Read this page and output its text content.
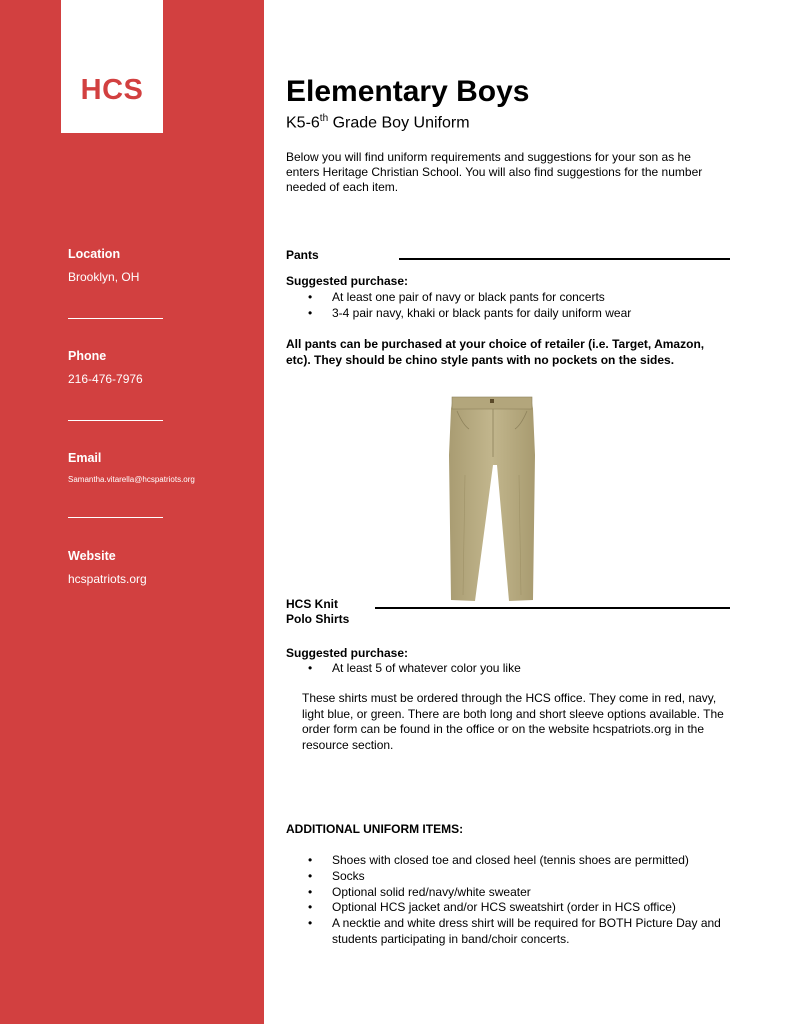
HCS
Location
Brooklyn, OH
Phone
216-476-7976
Email
Samantha.vitarella@hcspatriots.org
Website
hcspatriots.org
Elementary Boys
K5-6th Grade Boy Uniform
Below you will find uniform requirements and suggestions for your son as he enters Heritage Christian School. You will also find suggestions for the number needed of each item.
Pants
Suggested purchase:
• At least one pair of navy or black pants for concerts
• 3-4 pair navy, khaki or black pants for daily uniform wear
All pants can be purchased at your choice of retailer (i.e. Target, Amazon, etc). They should be chino style pants with no pockets on the sides.
HCS Knit
Polo Shirts
Suggested purchase:
• At least 5 of whatever color you like
These shirts must be ordered through the HCS office. They come in red, navy, light blue, or green. There are both long and short sleeve options available. The order form can be found in the office or on the website hcspatriots.org in the resource section.
ADDITIONAL UNIFORM ITEMS:
• Shoes with closed toe and closed heel (tennis shoes are permitted)
• Socks
• Optional solid red/navy/white sweater
• Optional HCS jacket and/or HCS sweatshirt (order in HCS office)
• A necktie and white dress shirt will be required for BOTH Picture Day and students participating in band/choir concerts.
